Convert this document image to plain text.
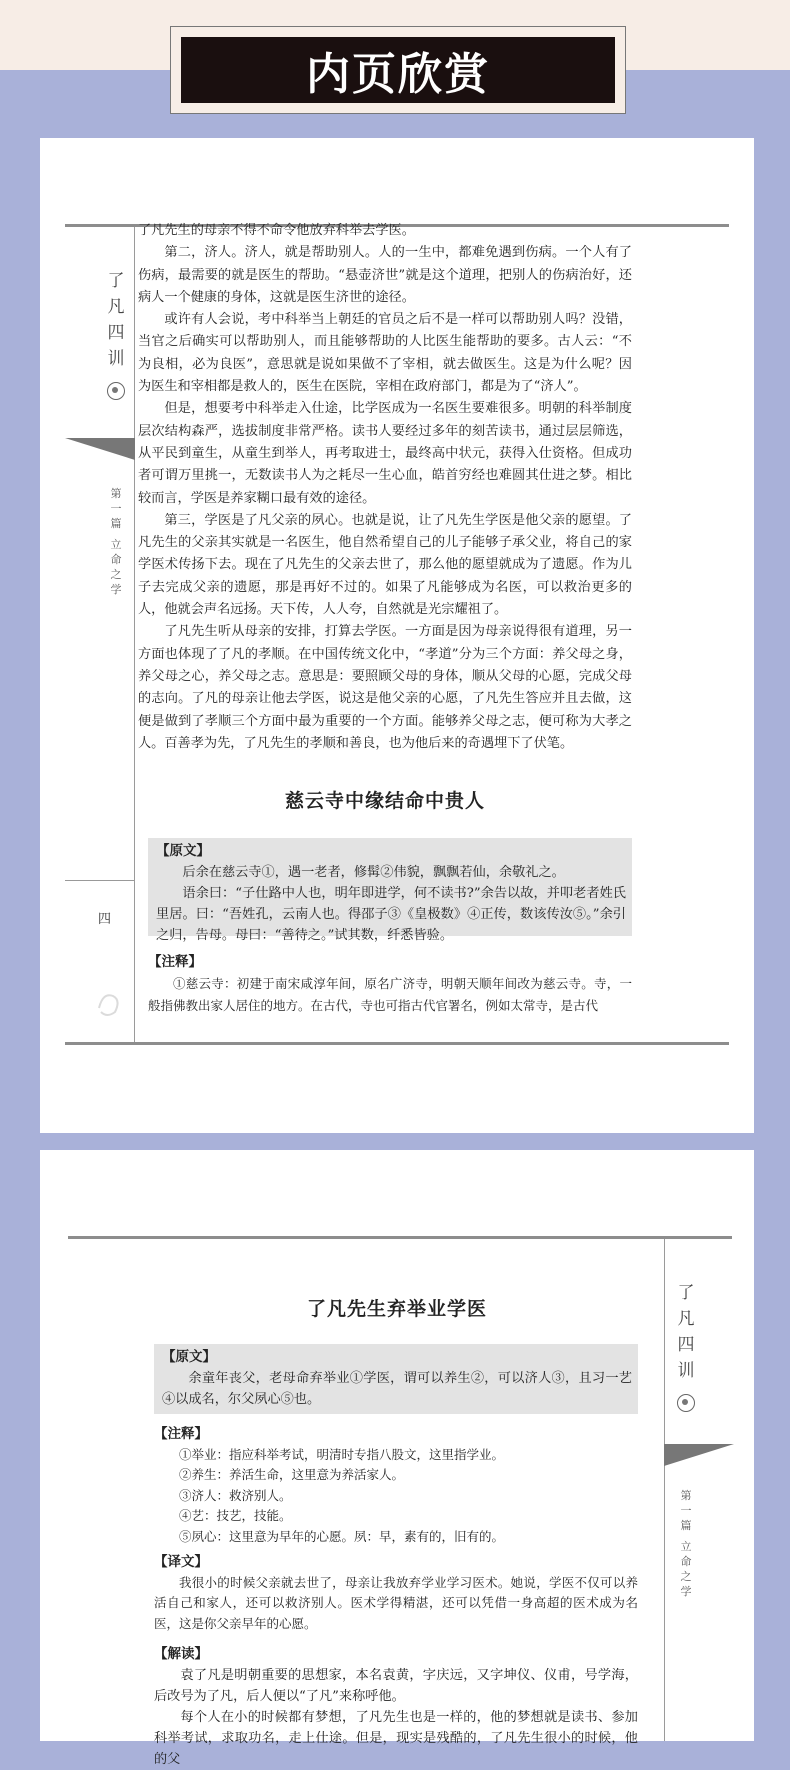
内页欣赏
了
凡
四
训
第
一
篇
立
命
之
学
四

了凡先生的母亲不得不命令他放弃科举去学医。

第二，济人。济人，就是帮助别人。人的一生中，都难免遇到伤病。一个人有了伤病，最需要的就是医生的帮助。“悬壶济世”就是这个道理，把别人的伤病治好，还病人一个健康的身体，这就是医生济世的途径。

或许有人会说，考中科举当上朝廷的官员之后不是一样可以帮助别人吗？没错，当官之后确实可以帮助别人，而且能够帮助的人比医生能帮助的要多。古人云：“不为良相，必为良医”，意思就是说如果做不了宰相，就去做医生。这是为什么呢？因为医生和宰相都是救人的，医生在医院，宰相在政府部门，都是为了“济人”。

但是，想要考中科举走入仕途，比学医成为一名医生要难很多。明朝的科举制度层次结构森严，选拔制度非常严格。读书人要经过多年的刻苦读书，通过层层筛选，从平民到童生，从童生到举人，再考取进士，最终高中状元，获得入仕资格。但成功者可谓万里挑一，无数读书人为之耗尽一生心血，皓首穷经也难圆其仕进之梦。相比较而言，学医是养家糊口最有效的途径。

第三，学医是了凡父亲的夙心。也就是说，让了凡先生学医是他父亲的愿望。了凡先生的父亲其实就是一名医生，他自然希望自己的儿子能够子承父业，将自己的家学医术传扬下去。现在了凡先生的父亲去世了，那么他的愿望就成为了遗愿。作为儿子去完成父亲的遗愿，那是再好不过的。如果了凡能够成为名医，可以救治更多的人，他就会声名远扬。天下传，人人夸，自然就是光宗耀祖了。

了凡先生听从母亲的安排，打算去学医。一方面是因为母亲说得很有道理，另一方面也体现了了凡的孝顺。在中国传统文化中，“孝道”分为三个方面：养父母之身，养父母之心，养父母之志。意思是：要照顾父母的身体，顺从父母的心愿，完成父母的志向。了凡的母亲让他去学医，说这是他父亲的心愿，了凡先生答应并且去做，这便是做到了孝顺三个方面中最为重要的一个方面。能够养父母之志，便可称为大孝之人。百善孝为先，了凡先生的孝顺和善良，也为他后来的奇遇埋下了伏笔。

慈云寺中缘结命中贵人

【原文】

后余在慈云寺①，遇一老者，修髯②伟貌，飘飘若仙，余敬礼之。

语余曰：“子仕路中人也，明年即进学，何不读书?”余告以故，并叩老者姓氏里居。曰：“吾姓孔，云南人也。得邵子③《皇极数》④正传，数该传汝⑤。”余引之归，告母。母曰：“善待之。”试其数，纤悉皆验。

【注释】

①慈云寺：初建于南宋咸淳年间，原名广济寺，明朝天顺年间改为慈云寺。寺，一般指佛教出家人居住的地方。在古代，寺也可指古代官署名，例如太常寺，是古代

了
凡
四
训
第
一
篇
立
命
之
学
了凡先生弃举业学医

【原文】

余童年丧父，老母命弃举业①学医，谓可以养生②，可以济人③，且习一艺④以成名，尔父夙心⑤也。

【注释】

①举业：指应科举考试，明清时专指八股文，这里指学业。

②养生：养活生命，这里意为养活家人。

③济人：救济别人。

④艺：技艺，技能。

⑤夙心：这里意为早年的心愿。夙：早，素有的，旧有的。

【译文】

我很小的时候父亲就去世了，母亲让我放弃学业学习医术。她说，学医不仅可以养活自己和家人，还可以救济别人。医术学得精湛，还可以凭借一身高超的医术成为名医，这是你父亲早年的心愿。

【解读】

袁了凡是明朝重要的思想家，本名袁黄，字庆远，又字坤仪、仪甫，号学海，后改号为了凡，后人便以“了凡”来称呼他。

每个人在小的时候都有梦想，了凡先生也是一样的，他的梦想就是读书、参加科举考试，求取功名，走上仕途。但是，现实是残酷的，了凡先生很小的时候，他的父
